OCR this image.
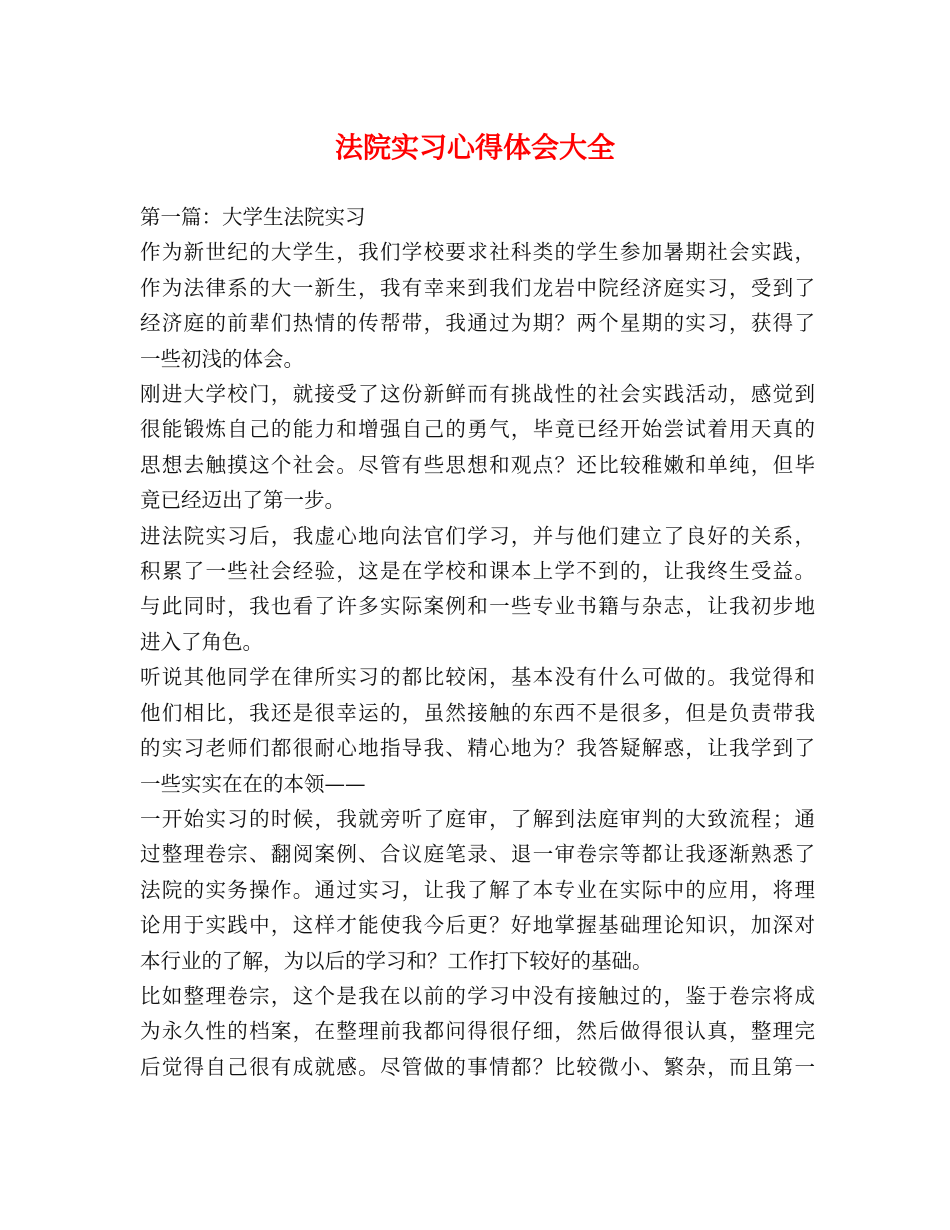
法院实习心得体会大全

第一篇：大学生法院实习

作为新世纪的大学生，我们学校要求社科类的学生参加暑期社会实践，
作为法律系的大一新生，我有幸来到我们龙岩中院经济庭实习，受到了
经济庭的前辈们热情的传帮带，我通过为期？两个星期的实习，获得了
一些初浅的体会。

刚进大学校门，就接受了这份新鲜而有挑战性的社会实践活动，感觉到
很能锻炼自己的能力和增强自己的勇气，毕竟已经开始尝试着用天真的
思想去触摸这个社会。尽管有些思想和观点？还比较稚嫩和单纯，但毕
竟已经迈出了第一步。

进法院实习后，我虚心地向法官们学习，并与他们建立了良好的关系，
积累了一些社会经验，这是在学校和课本上学不到的，让我终生受益。
与此同时，我也看了许多实际案例和一些专业书籍与杂志，让我初步地
进入了角色。

听说其他同学在律所实习的都比较闲，基本没有什么可做的。我觉得和
他们相比，我还是很幸运的，虽然接触的东西不是很多，但是负责带我
的实习老师们都很耐心地指导我、精心地为？我答疑解惑，让我学到了
一些实实在在的本领——

一开始实习的时候，我就旁听了庭审，了解到法庭审判的大致流程；通
过整理卷宗、翻阅案例、合议庭笔录、退一审卷宗等都让我逐渐熟悉了
法院的实务操作。通过实习，让我了解了本专业在实际中的应用，将理
论用于实践中，这样才能使我今后更？好地掌握基础理论知识，加深对
本行业的了解，为以后的学习和？工作打下较好的基础。

比如整理卷宗，这个是我在以前的学习中没有接触过的，鉴于卷宗将成
为永久性的档案，在整理前我都问得很仔细，然后做得很认真，整理完
后觉得自己很有成就感。尽管做的事情都？比较微小、繁杂，而且第一
